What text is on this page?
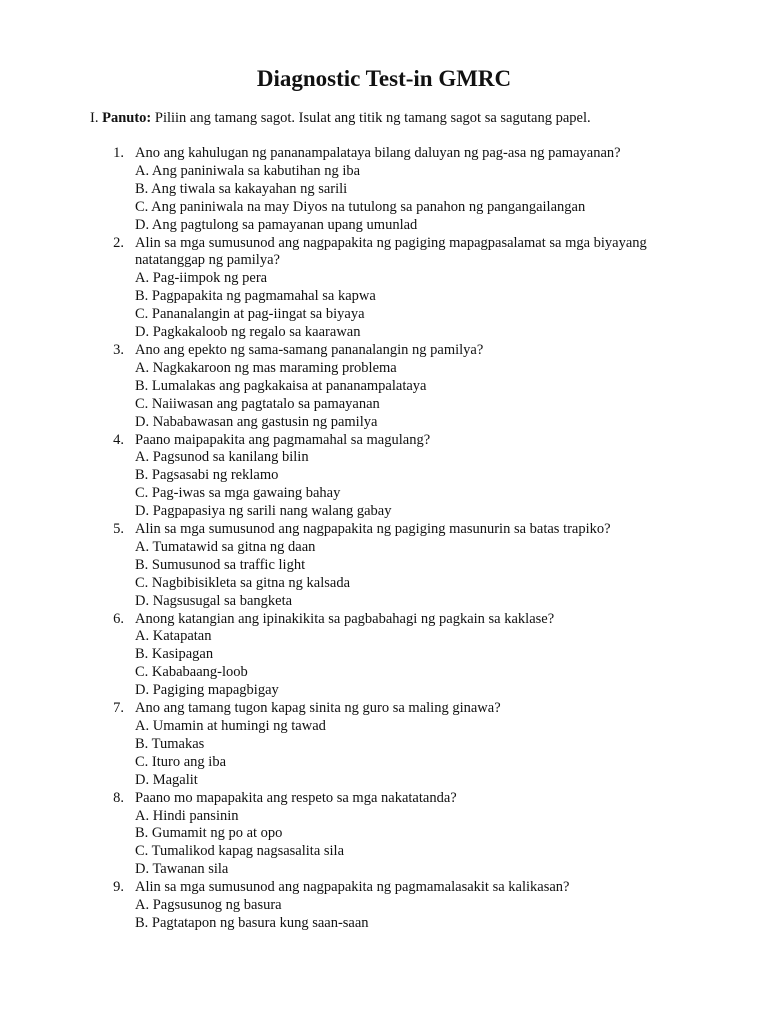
Diagnostic Test-in GMRC
I. Panuto: Piliin ang tamang sagot. Isulat ang titik ng tamang sagot sa sagutang papel.
1. Ano ang kahulugan ng pananampalataya bilang daluyan ng pag-asa ng pamayanan?
A. Ang paniniwala sa kabutihan ng iba
B. Ang tiwala sa kakayahan ng sarili
C. Ang paniniwala na may Diyos na tutulong sa panahon ng pangangailangan
D. Ang pagtulong sa pamayanan upang umunlad
2. Alin sa mga sumusunod ang nagpapakita ng pagiging mapagpasalamat sa mga biyayang natatanggap ng pamilya?
A. Pag-iimpok ng pera
B. Pagpapakita ng pagmamahal sa kapwa
C. Pananalangin at pag-iingat sa biyaya
D. Pagkakaloob ng regalo sa kaarawan
3. Ano ang epekto ng sama-samang pananalangin ng pamilya?
A. Nagkakaroon ng mas maraming problema
B. Lumalakas ang pagkakaisa at pananampalataya
C. Naiiwasan ang pagtatalo sa pamayanan
D. Nababawasan ang gastusin ng pamilya
4. Paano maipapakita ang pagmamahal sa magulang?
A. Pagsunod sa kanilang bilin
B. Pagsasabi ng reklamo
C. Pag-iwas sa mga gawaing bahay
D. Pagpapasiya ng sarili nang walang gabay
5. Alin sa mga sumusunod ang nagpapakita ng pagiging masunurin sa batas trapiko?
A. Tumatawid sa gitna ng daan
B. Sumusunod sa traffic light
C. Nagbibisikleta sa gitna ng kalsada
D. Nagsusugal sa bangketa
6. Anong katangian ang ipinakikita sa pagbabahagi ng pagkain sa kaklase?
A. Katapatan
B. Kasipagan
C. Kababaang-loob
D. Pagiging mapagbigay
7. Ano ang tamang tugon kapag sinita ng guro sa maling ginawa?
A. Umamin at humingi ng tawad
B. Tumakas
C. Ituro ang iba
D. Magalit
8. Paano mo mapapakita ang respeto sa mga nakatatanda?
A. Hindi pansinin
B. Gumamit ng po at opo
C. Tumalikod kapag nagsasalita sila
D. Tawanan sila
9. Alin sa mga sumusunod ang nagpapakita ng pagmamalasakit sa kalikasan?
A. Pagsusunog ng basura
B. Pagtatapon ng basura kung saan-saan
